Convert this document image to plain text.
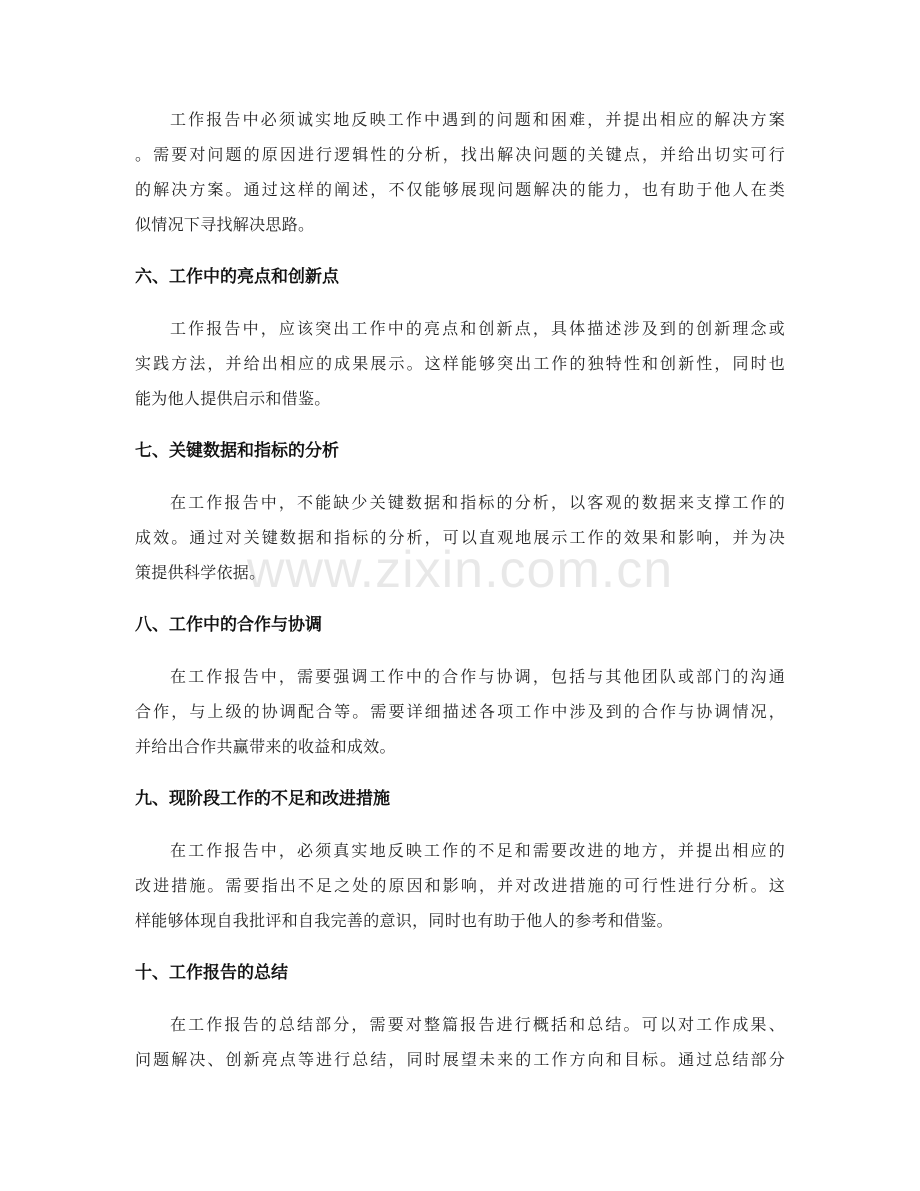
www.zixin.com.cn
工作报告中必须诚实地反映工作中遇到的问题和困难，并提出相应的解决方案
。需要对问题的原因进行逻辑性的分析，找出解决问题的关键点，并给出切实可行
的解决方案。通过这样的阐述，不仅能够展现问题解决的能力，也有助于他人在类
似情况下寻找解决思路。
六、工作中的亮点和创新点
工作报告中，应该突出工作中的亮点和创新点，具体描述涉及到的创新理念或
实践方法，并给出相应的成果展示。这样能够突出工作的独特性和创新性，同时也
能为他人提供启示和借鉴。
七、关键数据和指标的分析
在工作报告中，不能缺少关键数据和指标的分析，以客观的数据来支撑工作的
成效。通过对关键数据和指标的分析，可以直观地展示工作的效果和影响，并为决
策提供科学依据。
八、工作中的合作与协调
在工作报告中，需要强调工作中的合作与协调，包括与其他团队或部门的沟通
合作，与上级的协调配合等。需要详细描述各项工作中涉及到的合作与协调情况，
并给出合作共赢带来的收益和成效。
九、现阶段工作的不足和改进措施
在工作报告中，必须真实地反映工作的不足和需要改进的地方，并提出相应的
改进措施。需要指出不足之处的原因和影响，并对改进措施的可行性进行分析。这
样能够体现自我批评和自我完善的意识，同时也有助于他人的参考和借鉴。
十、工作报告的总结
在工作报告的总结部分，需要对整篇报告进行概括和总结。可以对工作成果、
问题解决、创新亮点等进行总结，同时展望未来的工作方向和目标。通过总结部分
